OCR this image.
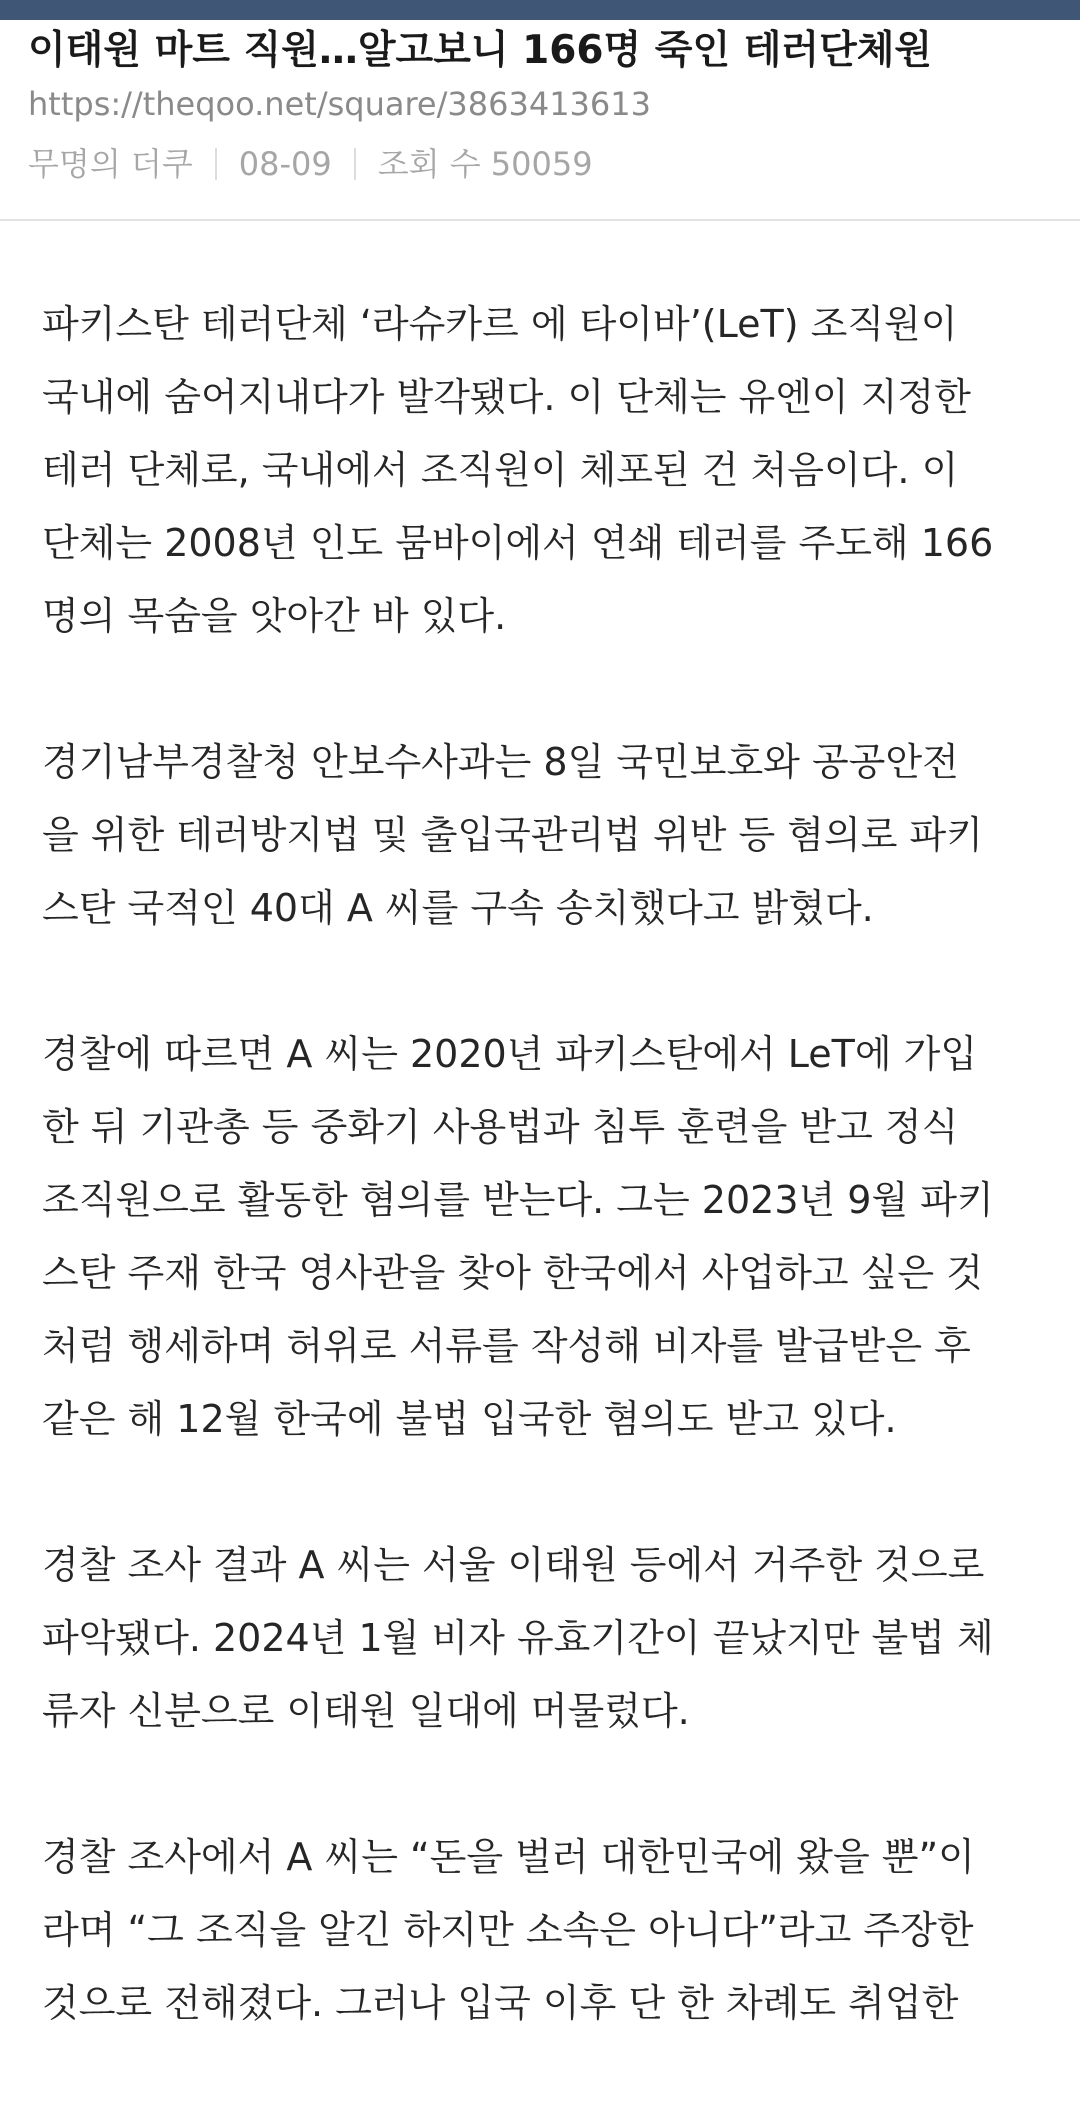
이태원 마트 직원…알고보니 166명 죽인 테러단체원
https://theqoo.net/square/3863413613
무명의 더쿠 08-09 조회 수 50059
파키스탄 테러단체 ‘라슈카르 에 타이바’(LeT) 조직원이
국내에 숨어지내다가 발각됐다. 이 단체는 유엔이 지정한
테러 단체로, 국내에서 조직원이 체포된 건 처음이다. 이
단체는 2008년 인도 뭄바이에서 연쇄 테러를 주도해 166
명의 목숨을 앗아간 바 있다.
경기남부경찰청 안보수사과는 8일 국민보호와 공공안전
을 위한 테러방지법 및 출입국관리법 위반 등 혐의로 파키
스탄 국적인 40대 A 씨를 구속 송치했다고 밝혔다.
경찰에 따르면 A 씨는 2020년 파키스탄에서 LeT에 가입
한 뒤 기관총 등 중화기 사용법과 침투 훈련을 받고 정식
조직원으로 활동한 혐의를 받는다. 그는 2023년 9월 파키
스탄 주재 한국 영사관을 찾아 한국에서 사업하고 싶은 것
처럼 행세하며 허위로 서류를 작성해 비자를 발급받은 후
같은 해 12월 한국에 불법 입국한 혐의도 받고 있다.
경찰 조사 결과 A 씨는 서울 이태원 등에서 거주한 것으로
파악됐다. 2024년 1월 비자 유효기간이 끝났지만 불법 체
류자 신분으로 이태원 일대에 머물렀다.
경찰 조사에서 A 씨는 “돈을 벌러 대한민국에 왔을 뿐”이
라며 “그 조직을 알긴 하지만 소속은 아니다”라고 주장한
것으로 전해졌다. 그러나 입국 이후 단 한 차례도 취업한
